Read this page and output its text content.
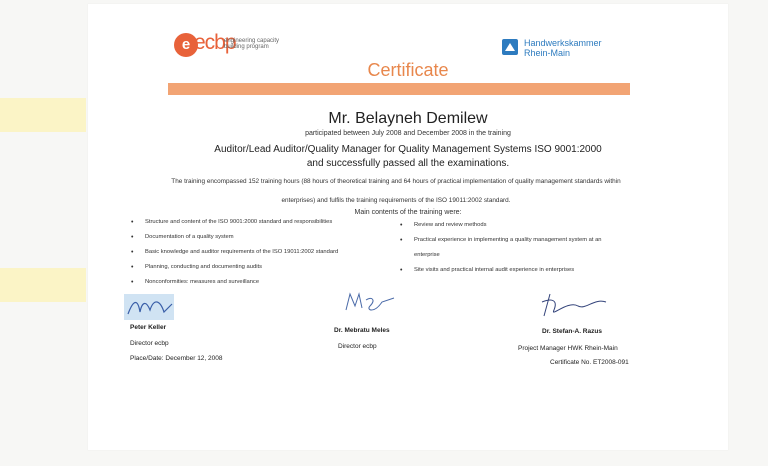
e ecbp
engineering capacity
building program	Handwerkskammer
Rhein-Main
Certificate
Mr. Belayneh Demilew
participated between July 2008 and December 2008 in the training
Auditor/Lead Auditor/Quality Manager for Quality Management Systems ISO 9001:2000
and successfully passed all the examinations.
The training encompassed 152 training hours (88 hours of theoretical training and 64 hours of practical implementation of quality management standards within
enterprises) and fulfils the training requirements of the ISO 19011:2002 standard.
Main contents of the training were:
• Structure and content of the ISO 9001:2000 standard and responsibilities
• Documentation of a quality system
• Basic knowledge and auditor requirements of the ISO 19011:2002 standard
• Planning, conducting and documenting audits
• Nonconformities: measures and surveillance
• Review and review methods
• Practical experience in implementing a quality management system at an
enterprise
• Site visits and practical internal audit experience in enterprises
Peter Keller
Director ecbp
Place/Date: December 12, 2008
Dr. Mebratu Meles
Director ecbp
Dr. Stefan-A. Razus
Project Manager HWK Rhein-Main
Certificate No. ET2008-091
